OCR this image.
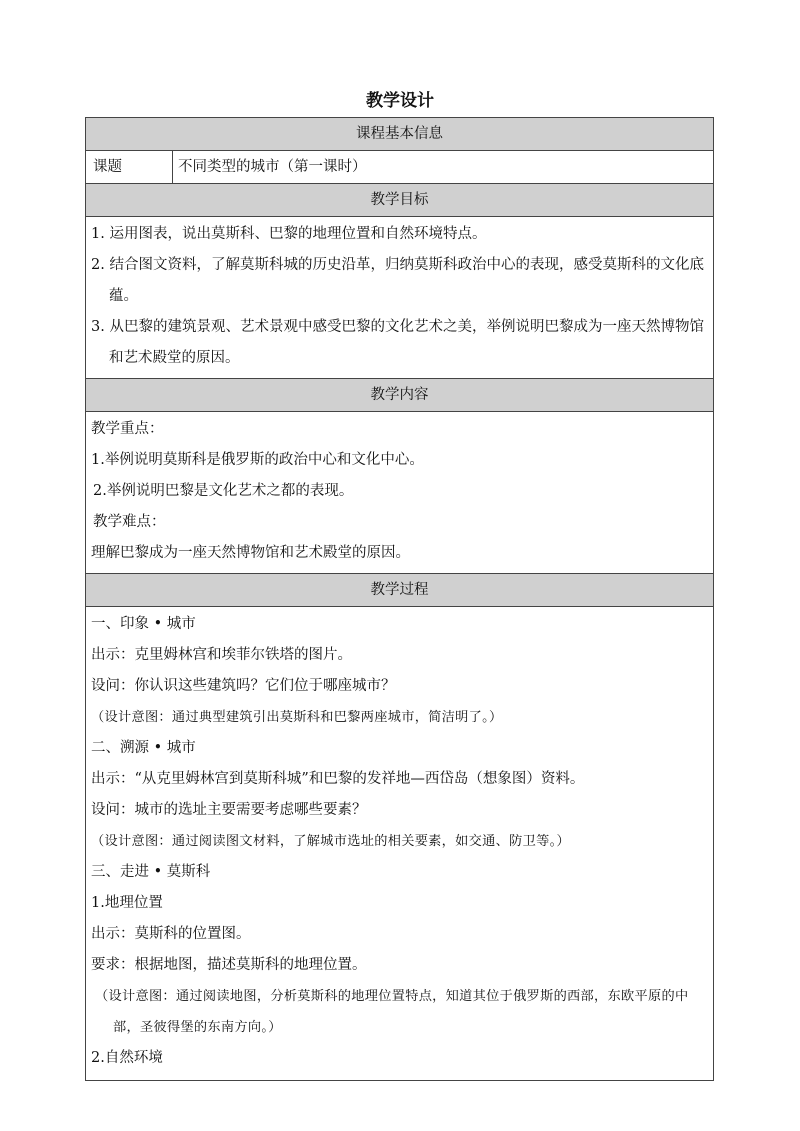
教学设计
课程基本信息
课题	不同类型的城市（第一课时）
教学目标
1. 运用图表，说出莫斯科、巴黎的地理位置和自然环境特点。
2. 结合图文资料，了解莫斯科城的历史沿革，归纳莫斯科政治中心的表现，感受莫斯科的文化底蕴。
3. 从巴黎的建筑景观、艺术景观中感受巴黎的文化艺术之美，举例说明巴黎成为一座天然博物馆和艺术殿堂的原因。
教学内容
教学重点：
1.举例说明莫斯科是俄罗斯的政治中心和文化中心。
2.举例说明巴黎是文化艺术之都的表现。
教学难点：
理解巴黎成为一座天然博物馆和艺术殿堂的原因。
教学过程
一、印象 • 城市
出示：克里姆林宫和埃菲尔铁塔的图片。
设问：你认识这些建筑吗？它们位于哪座城市？
（设计意图：通过典型建筑引出莫斯科和巴黎两座城市，简洁明了。）
二、溯源 • 城市
出示：“从克里姆林宫到莫斯科城”和巴黎的发祥地—西岱岛（想象图）资料。
设问：城市的选址主要需要考虑哪些要素？
（设计意图：通过阅读图文材料，了解城市选址的相关要素，如交通、防卫等。）
三、走进 • 莫斯科
1.地理位置
出示：莫斯科的位置图。
要求：根据地图，描述莫斯科的地理位置。
（设计意图：通过阅读地图，分析莫斯科的地理位置特点，知道其位于俄罗斯的西部，东欧平原的中部，圣彼得堡的东南方向。）
2.自然环境
